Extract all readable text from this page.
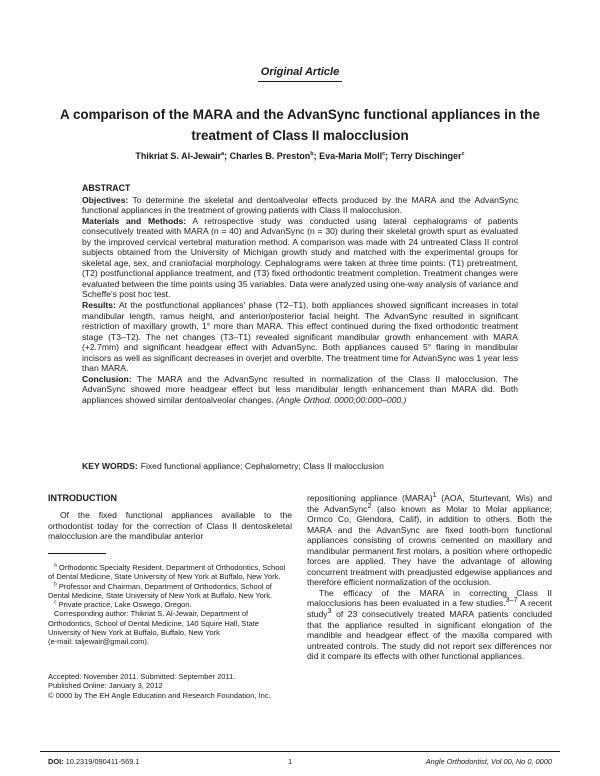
Original Article
A comparison of the MARA and the AdvanSync functional appliances in the treatment of Class II malocclusion
Thikriat S. Al-Jewair$^a$; Charles B. Preston$^b$; Eva-Maria Moll$^c$; Terry Dischinger$^c$

ABSTRACT

Objectives: To determine the skeletal and dentoalveolar effects produced by the MARA and the AdvanSync functional appliances in the treatment of growing patients with Class II malocclusion.

Materials and Methods: A retrospective study was conducted using lateral cephalograms of patients consecutively treated with MARA (n = 40) and AdvanSync (n = 30) during their skeletal growth spurt as evaluated by the improved cervical vertebral maturation method. A comparison was made with 24 untreated Class II control subjects obtained from the University of Michigan growth study and matched with the experimental groups for skeletal age, sex, and craniofacial morphology. Cephalograms were taken at three time points: (T1) pretreatment, (T2) postfunctional appliance treatment, and (T3) fixed orthodontic treatment completion. Treatment changes were evaluated between the time points using 35 variables. Data were analyzed using one-way analysis of variance and Scheffe's post hoc test.

Results: At the postfunctional appliances' phase (T2–T1), both appliances showed significant increases in total mandibular length, ramus height, and anterior/posterior facial height. The AdvanSync resulted in significant restriction of maxillary growth, 1° more than MARA. This effect continued during the fixed orthodontic treatment stage (T3–T2). The net changes (T3–T1) revealed significant mandibular growth enhancement with MARA (+2.7mm) and significant headgear effect with AdvanSync. Both appliances caused 5° flaring in mandibular incisors as well as significant decreases in overjet and overbite. The treatment time for AdvanSync was 1 year less than MARA.

Conclusion: The MARA and the AdvanSync resulted in normalization of the Class II malocclusion. The AdvanSync showed more headgear effect but less mandibular length enhancement than MARA did. Both appliances showed similar dentoalveolar changes. (Angle Orthod. 0000;00:000–000.)

KEY WORDS: Fixed functional appliance; Cephalometry; Class II malocclusion
INTRODUCTION

Of the fixed functional appliances available to the orthodontist today for the correction of Class II dentoskeletal malocclusion are the mandibular anterior

$^a$ Orthodontic Specialty Resident, Department of Orthodontics, School of Dental Medicine, State University of New York at Buffalo, New York.

$^b$ Professor and Chairman, Department of Orthodontics, School of Dental Medicine, State University of New York at Buffalo, New York.

$^c$ Private practice, Lake Oswego, Oregon.

Corresponding author: Thikriat S. Al-Jewair, Department of Orthodontics, School of Dental Medicine, 140 Squire Hall, State University of New York at Buffalo, Buffalo, New York

(e-mail: taljewair@gmail.com).

Accepted: November 2011. Submitted: September 2011.

Published Online: January 3, 2012

© 0000 by The EH Angle Education and Research Foundation, Inc.

repositioning appliance (MARA)$^1$ (AOA, Sturtevant, Wis) and the AdvanSync$^2$ (also known as Molar to Molar appliance; Ormco Co, Glendora, Calif), in addition to others. Both the MARA and the AdvanSync are fixed tooth-born functional appliances consisting of crowns cemented on maxillary and mandibular permanent first molars, a position where orthopedic forces are applied. They have the advantage of allowing concurrent treatment with preadjusted edgewise appliances and therefore efficient normalization of the occlusion.

The efficacy of the MARA in correcting Class II malocclusions has been evaluated in a few studies.$^{3-7}$ A recent study$^3$ of 23 consecutively treated MARA patients concluded that the appliance resulted in significant elongation of the mandible and headgear effect of the maxilla compared with untreated controls. The study did not report sex differences nor did it compare its effects with other functional appliances.

DOI: 10.2319/090411-569.1	1	Angle Orthodontist, Vol 00, No 0, 0000
